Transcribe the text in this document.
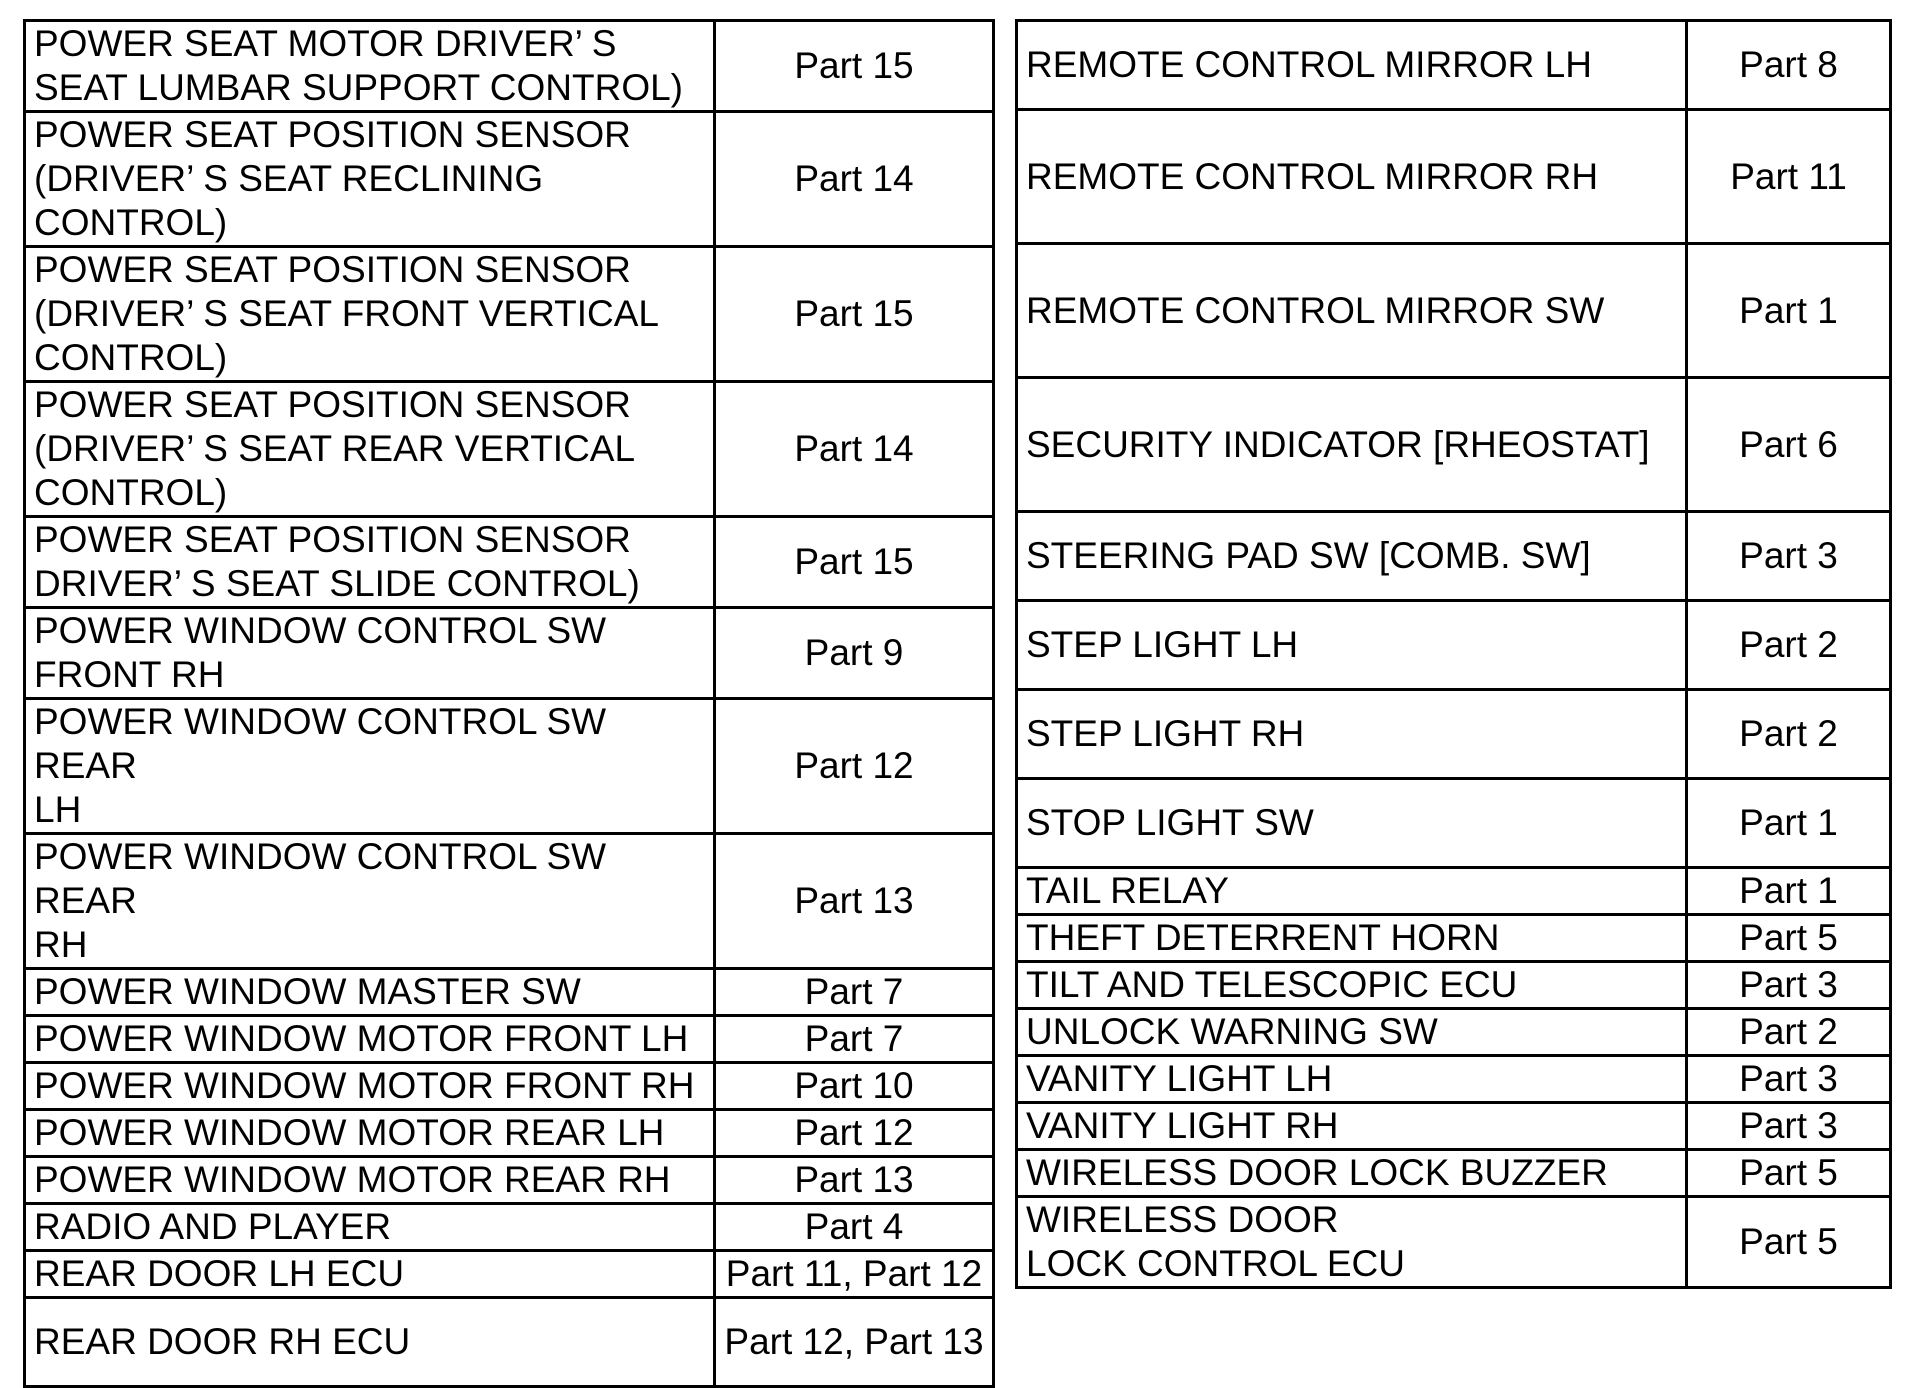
POWER SEAT MOTOR DRIVER’ S
SEAT LUMBAR SUPPORT CONTROL)	Part 15
POWER SEAT POSITION SENSOR
(DRIVER’ S SEAT RECLINING
CONTROL)	Part 14
POWER SEAT POSITION SENSOR
(DRIVER’ S SEAT FRONT VERTICAL
CONTROL)	Part 15
POWER SEAT POSITION SENSOR
(DRIVER’ S SEAT REAR VERTICAL
CONTROL)	Part 14
POWER SEAT POSITION SENSOR
DRIVER’ S SEAT SLIDE CONTROL)	Part 15
POWER WINDOW CONTROL SW
FRONT RH	Part 9
POWER WINDOW CONTROL SW REAR
LH	Part 12
POWER WINDOW CONTROL SW REAR
RH	Part 13
POWER WINDOW MASTER SW	Part 7
POWER WINDOW MOTOR FRONT LH	Part 7
POWER WINDOW MOTOR FRONT RH	Part 10
POWER WINDOW MOTOR REAR LH	Part 12
POWER WINDOW MOTOR REAR RH	Part 13
RADIO AND PLAYER	Part 4
REAR DOOR LH ECU	Part 11, Part 12
REAR DOOR RH ECU	Part 12, Part 13
REMOTE CONTROL MIRROR LH	Part 8
REMOTE CONTROL MIRROR RH	Part 11
REMOTE CONTROL MIRROR SW	Part 1
SECURITY INDICATOR [RHEOSTAT]	Part 6
STEERING PAD SW [COMB. SW]	Part 3
STEP LIGHT LH	Part 2
STEP LIGHT RH	Part 2
STOP LIGHT SW	Part 1
TAIL RELAY	Part 1
THEFT DETERRENT HORN	Part 5
TILT AND TELESCOPIC ECU	Part 3
UNLOCK WARNING SW	Part 2
VANITY LIGHT LH	Part 3
VANITY LIGHT RH	Part 3
WIRELESS DOOR LOCK BUZZER	Part 5
WIRELESS DOOR
LOCK CONTROL ECU	Part 5
